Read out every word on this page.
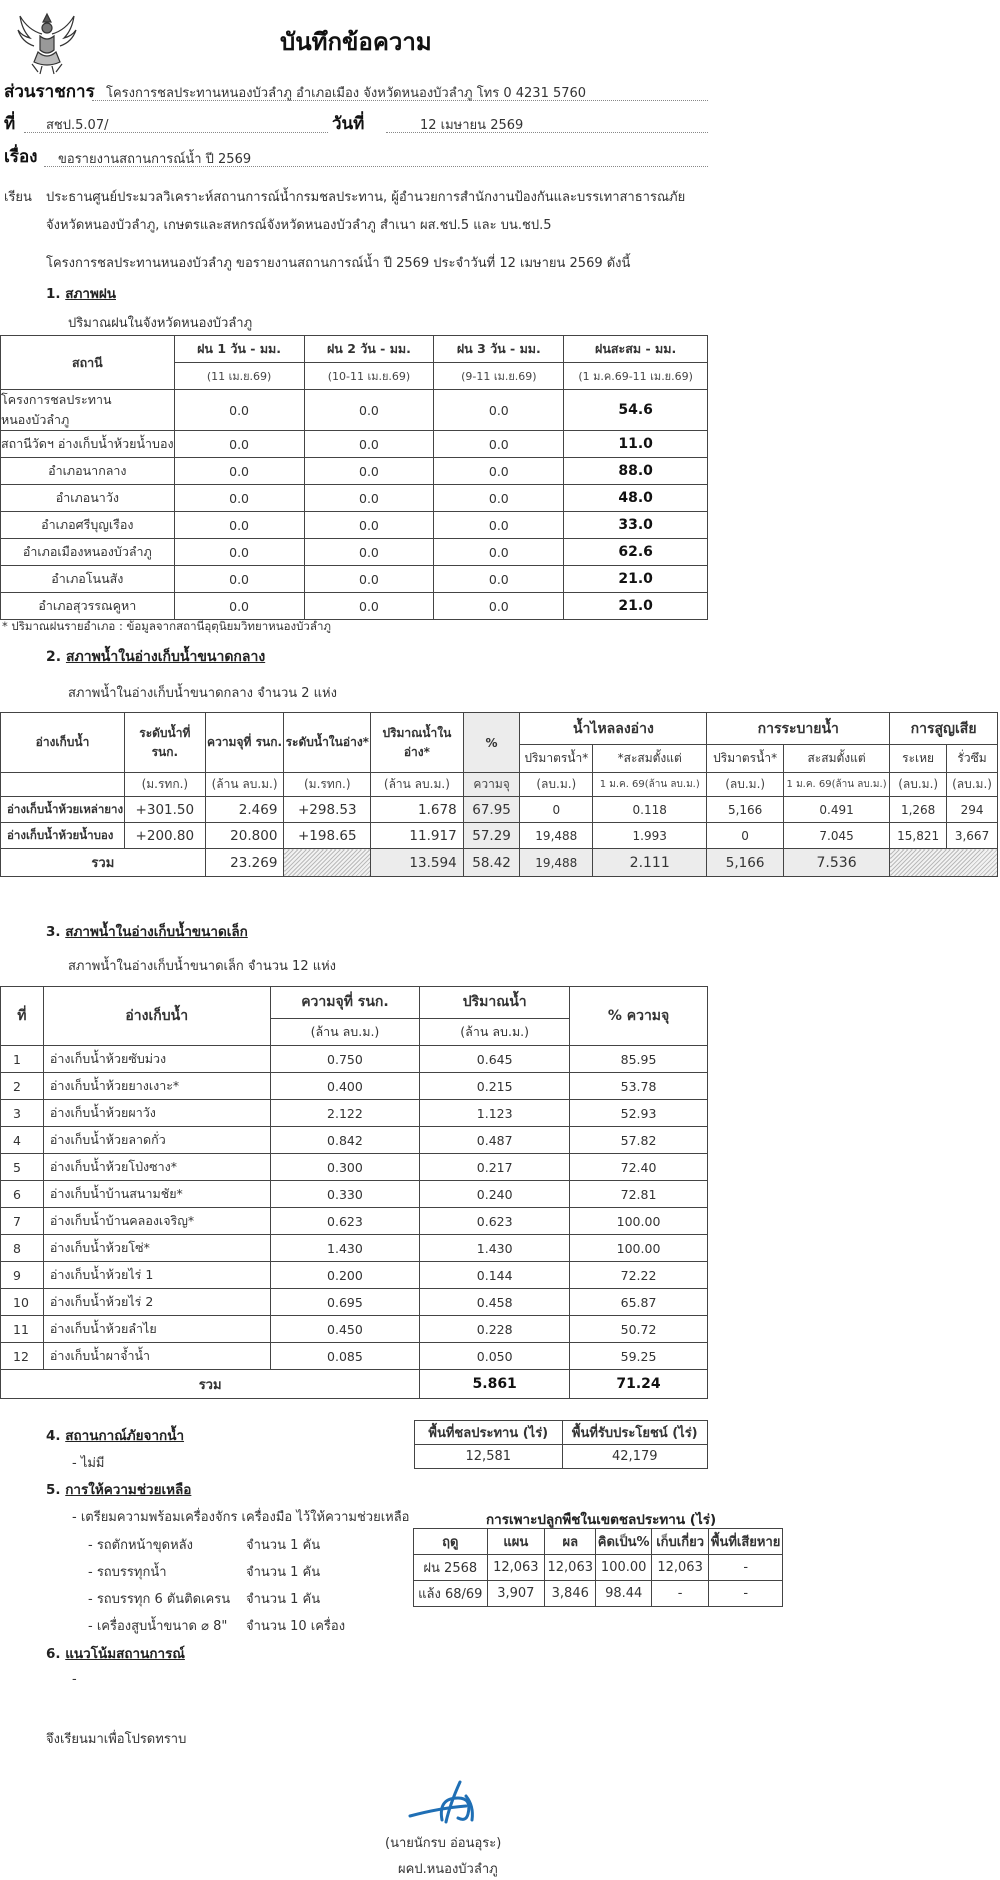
บันทึกข้อความ
ส่วนราชการ โครงการชลประทานหนองบัวลำภู อำเภอเมือง จังหวัดหนองบัวลำภู โทร 0 4231 5760
ที่ สชป.5.07/	วันที่	12 เมษายน 2569
เรื่อง ขอรายงานสถานการณ์น้ำ ปี 2569
เรียน ประธานศูนย์ประมวลวิเคราะห์สถานการณ์น้ำกรมชลประทาน, ผู้อำนวยการสำนักงานป้องกันและบรรเทาสาธารณภัย
จังหวัดหนองบัวลำภู, เกษตรและสหกรณ์จังหวัดหนองบัวลำภู สำเนา ผส.ชป.5 และ บน.ชป.5
โครงการชลประทานหนองบัวลำภู ขอรายงานสถานการณ์น้ำ ปี 2569 ประจำวันที่ 12 เมษายน 2569 ดังนี้
1. สภาพฝน
ปริมาณฝนในจังหวัดหนองบัวลำภู
สถานี	ฝน 1 วัน - มม.	ฝน 2 วัน - มม.	ฝน 3 วัน - มม.	ฝนสะสม - มม.
	(11 เม.ย.69)	(10-11 เม.ย.69)	(9-11 เม.ย.69)	(1 ม.ค.69-11 เม.ย.69)
โครงการชลประทานหนองบัวลำภู	0.0	0.0	0.0	54.6
สถานีวัดฯ อ่างเก็บน้ำห้วยน้ำบอง	0.0	0.0	0.0	11.0
อำเภอนากลาง	0.0	0.0	0.0	88.0
อำเภอนาวัง	0.0	0.0	0.0	48.0
อำเภอศรีบุญเรือง	0.0	0.0	0.0	33.0
อำเภอเมืองหนองบัวลำภู	0.0	0.0	0.0	62.6
อำเภอโนนสัง	0.0	0.0	0.0	21.0
อำเภอสุวรรณคูหา	0.0	0.0	0.0	21.0
* ปริมาณฝนรายอำเภอ : ข้อมูลจากสถานีอุตุนิยมวิทยาหนองบัวลำภู
2. สภาพน้ำในอ่างเก็บน้ำขนาดกลาง
สภาพน้ำในอ่างเก็บน้ำขนาดกลาง จำนวน 2 แห่ง
อ่างเก็บน้ำ	ระดับน้ำที่ รนก.	ความจุที่ รนก.	ระดับน้ำในอ่าง*	ปริมาณน้ำในอ่าง*	%	น้ำไหลลงอ่าง		การระบายน้ำ		การสูญเสีย	
						ปริมาตรน้ำ*	*สะสมตั้งแต่	ปริมาตรน้ำ*	สะสมตั้งแต่	ระเหย	รั่วซึม
	(ม.รทก.)	(ล้าน ลบ.ม.)	(ม.รทก.)	(ล้าน ลบ.ม.)	ความจุ	(ลบ.ม.)	1 ม.ค. 69(ล้าน ลบ.ม.)	(ลบ.ม.)	1 ม.ค. 69(ล้าน ลบ.ม.)	(ลบ.ม.)	(ลบ.ม.)
อ่างเก็บน้ำห้วยเหล่ายาง	+301.50	2.469	+298.53	1.678	67.95	0	0.118	5,166	0.491	1,268	294
อ่างเก็บน้ำห้วยน้ำบอง	+200.80	20.800	+198.65	11.917	57.29	19,488	1.993	0	7.045	15,821	3,667
รวม		23.269		13.594	58.42	19,488	2.111	5,166	7.536		
3. สภาพน้ำในอ่างเก็บน้ำขนาดเล็ก
สภาพน้ำในอ่างเก็บน้ำขนาดเล็ก จำนวน 12 แห่ง
ที่	อ่างเก็บน้ำ	ความจุที่ รนก.	ปริมาณน้ำ	% ความจุ
		(ล้าน ลบ.ม.)	(ล้าน ลบ.ม.)	
1	อ่างเก็บน้ำห้วยซับม่วง	0.750	0.645	85.95
2	อ่างเก็บน้ำห้วยยางเงาะ*	0.400	0.215	53.78
3	อ่างเก็บน้ำห้วยผาวัง	2.122	1.123	52.93
4	อ่างเก็บน้ำห้วยลาดกั่ว	0.842	0.487	57.82
5	อ่างเก็บน้ำห้วยโป่งซาง*	0.300	0.217	72.40
6	อ่างเก็บน้ำบ้านสนามชัย*	0.330	0.240	72.81
7	อ่างเก็บน้ำบ้านคลองเจริญ*	0.623	0.623	100.00
8	อ่างเก็บน้ำห้วยโซ่*	1.430	1.430	100.00
9	อ่างเก็บน้ำห้วยไร่ 1	0.200	0.144	72.22
10	อ่างเก็บน้ำห้วยไร่ 2	0.695	0.458	65.87
11	อ่างเก็บน้ำห้วยลำไย	0.450	0.228	50.72
12	อ่างเก็บน้ำผาจ้ำน้ำ	0.085	0.050	59.25
รวม			5.861	71.24
4. สถานกาณ์ภัยจากน้ำ
- ไม่มี
พื้นที่ชลประทาน (ไร่)	พื้นที่รับประโยชน์ (ไร่)
12,581	42,179
5. การให้ความช่วยเหลือ
- เตรียมความพร้อมเครื่องจักร เครื่องมือ ไว้ให้ความช่วยเหลือ
- รถตักหน้าขุดหลัง	จำนวน 1 คัน
- รถบรรทุกน้ำ	จำนวน 1 คัน
- รถบรรทุก 6 ตันติดเครน จำนวน 1 คัน
- เครื่องสูบน้ำขนาด ⌀ 8" จำนวน 10 เครื่อง
การเพาะปลูกพืชในเขตชลประทาน (ไร่)
ฤดู	แผน	ผล	คิดเป็น%	เก็บเกี่ยว	พื้นที่เสียหาย
ฝน 2568	12,063	12,063	100.00	12,063	-
แล้ง 68/69	3,907	3,846	98.44	-	-
6. แนวโน้มสถานการณ์
-
จึงเรียนมาเพื่อโปรดทราบ
(นายนักรบ อ่อนอุระ)
ผคป.หนองบัวลำภู
